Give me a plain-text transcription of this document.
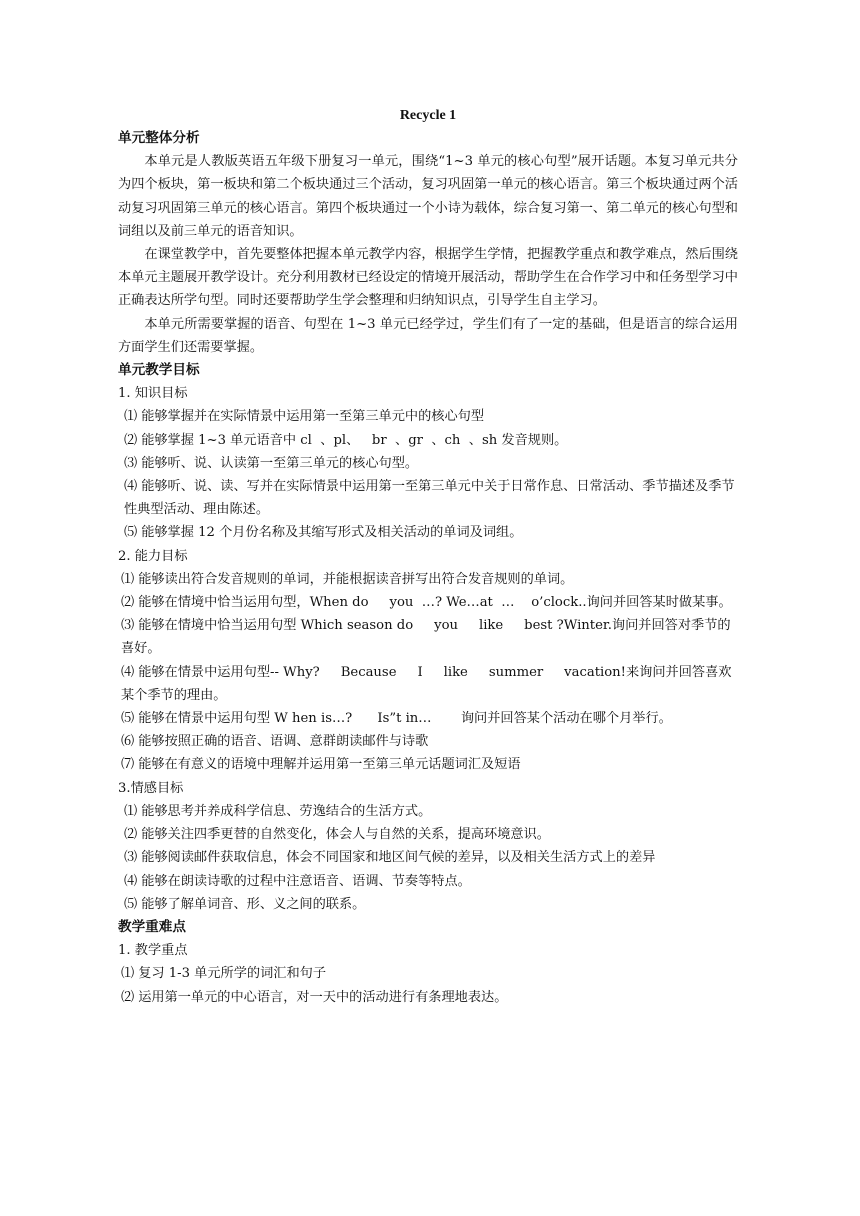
Recycle 1
单元整体分析
本单元是人教版英语五年级下册复习一单元，围绕“1~3 单元的核心句型”展开话题。本复习单元共分为四个板块，第一板块和第二个板块通过三个活动，复习巩固第一单元的核心语言。第三个板块通过两个活动复习巩固第三单元的核心语言。第四个板块通过一个小诗为载体，综合复习第一、第二单元的核心句型和词组以及前三单元的语音知识。
在课堂教学中，首先要整体把握本单元教学内容，根据学生学情，把握教学重点和教学难点，然后围绕本单元主题展开教学设计。充分利用教材已经设定的情境开展活动，帮助学生在合作学习中和任务型学习中正确表达所学句型。同时还要帮助学生学会整理和归纳知识点，引导学生自主学习。
本单元所需要掌握的语音、句型在 1~3 单元已经学过，学生们有了一定的基础，但是语言的综合运用方面学生们还需要掌握。
单元教学目标
1. 知识目标
⑴ 能够掌握并在实际情景中运用第一至第三单元中的核心句型
⑵ 能够掌握 1~3 单元语音中 cl  、pl、   br  、gr  、ch  、sh 发音规则。
⑶ 能够听、说、认读第一至第三单元的核心句型。
⑷ 能够听、说、读、写并在实际情景中运用第一至第三单元中关于日常作息、日常活动、季节描述及季节性典型活动、理由陈述。
⑸ 能够掌握 12 个月份名称及其缩写形式及相关活动的单词及词组。
2. 能力目标
⑴ 能够读出符合发音规则的单词，并能根据读音拼写出符合发音规则的单词。
⑵ 能够在情境中恰当运用句型，When do     you  …? We…at  …    o’clock..询问并回答某时做某事。
⑶ 能够在情境中恰当运用句型 Which season do     you     like     best ?Winter.询问并回答对季节的喜好。
⑷ 能够在情景中运用句型-- Why?     Because     I     like     summer     vacation!来询问并回答喜欢某个季节的理由。
⑸ 能够在情景中运用句型 W hen is…?      Is”t in…       询问并回答某个活动在哪个月举行。
⑹ 能够按照正确的语音、语调、意群朗读邮件与诗歌
⑺ 能够在有意义的语境中理解并运用第一至第三单元话题词汇及短语
3.情感目标
⑴ 能够思考并养成科学信息、劳逸结合的生活方式。
⑵ 能够关注四季更替的自然变化，体会人与自然的关系，提高环境意识。
⑶ 能够阅读邮件获取信息，体会不同国家和地区间气候的差异，以及相关生活方式上的差异
⑷ 能够在朗读诗歌的过程中注意语音、语调、节奏等特点。
⑸ 能够了解单词音、形、义之间的联系。
教学重难点
1. 教学重点
⑴ 复习 1-3 单元所学的词汇和句子
⑵ 运用第一单元的中心语言，对一天中的活动进行有条理地表达。
